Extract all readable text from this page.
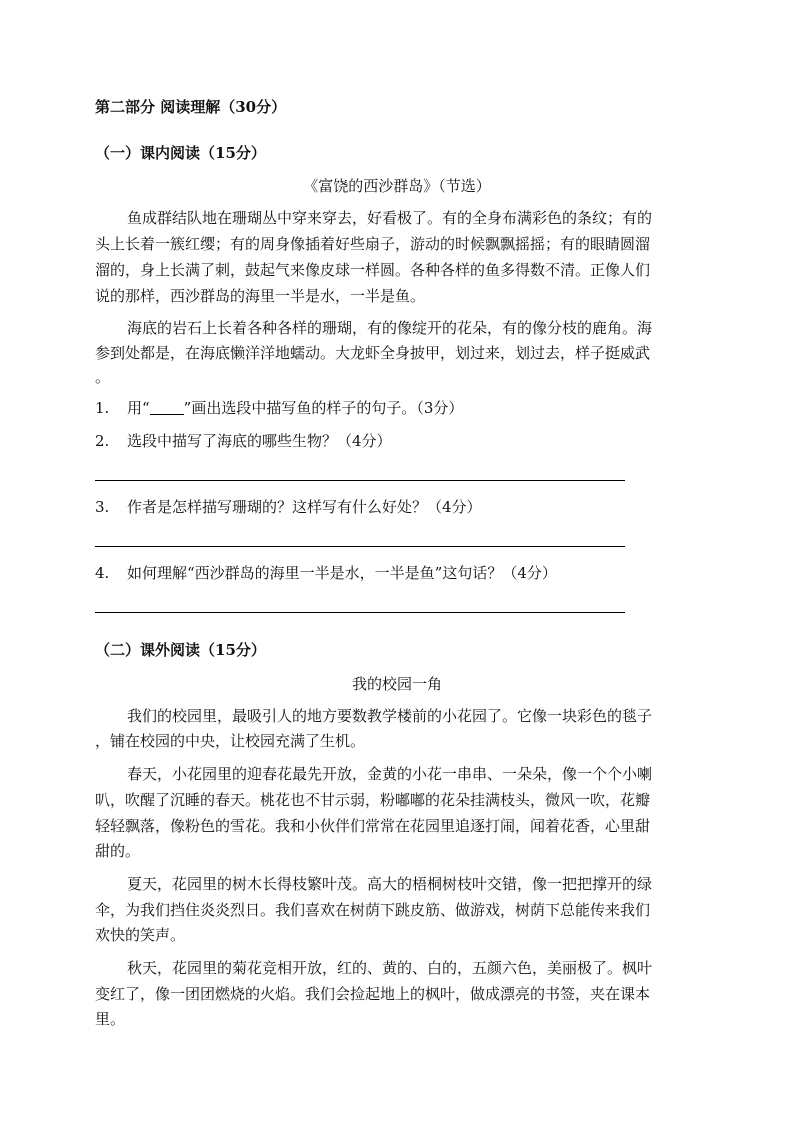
第二部分 阅读理解（30分）
（一）课内阅读（15分）
《富饶的西沙群岛》（节选）
鱼成群结队地在珊瑚丛中穿来穿去，好看极了。有的全身布满彩色的条纹；有的
头上长着一簇红缨；有的周身像插着好些扇子，游动的时候飘飘摇摇；有的眼睛圆溜
溜的，身上长满了刺，鼓起气来像皮球一样圆。各种各样的鱼多得数不清。正像人们
说的那样，西沙群岛的海里一半是水，一半是鱼。
海底的岩石上长着各种各样的珊瑚，有的像绽开的花朵，有的像分枝的鹿角。海
参到处都是，在海底懒洋洋地蠕动。大龙虾全身披甲，划过来，划过去，样子挺威武
。
1. 用“ ”画出选段中描写鱼的样子的句子。（3分）
2. 选段中描写了海底的哪些生物？（4分）
3. 作者是怎样描写珊瑚的？这样写有什么好处？（4分）
4. 如何理解“西沙群岛的海里一半是水，一半是鱼”这句话？（4分）
（二）课外阅读（15分）
我的校园一角
我们的校园里，最吸引人的地方要数教学楼前的小花园了。它像一块彩色的毯子
，铺在校园的中央，让校园充满了生机。
春天，小花园里的迎春花最先开放，金黄的小花一串串、一朵朵，像一个个小喇
叭，吹醒了沉睡的春天。桃花也不甘示弱，粉嘟嘟的花朵挂满枝头，微风一吹，花瓣
轻轻飘落，像粉色的雪花。我和小伙伴们常常在花园里追逐打闹，闻着花香，心里甜
甜的。
夏天，花园里的树木长得枝繁叶茂。高大的梧桐树枝叶交错，像一把把撑开的绿
伞，为我们挡住炎炎烈日。我们喜欢在树荫下跳皮筋、做游戏，树荫下总能传来我们
欢快的笑声。
秋天，花园里的菊花竞相开放，红的、黄的、白的，五颜六色，美丽极了。枫叶
变红了，像一团团燃烧的火焰。我们会捡起地上的枫叶，做成漂亮的书签，夹在课本
里。
